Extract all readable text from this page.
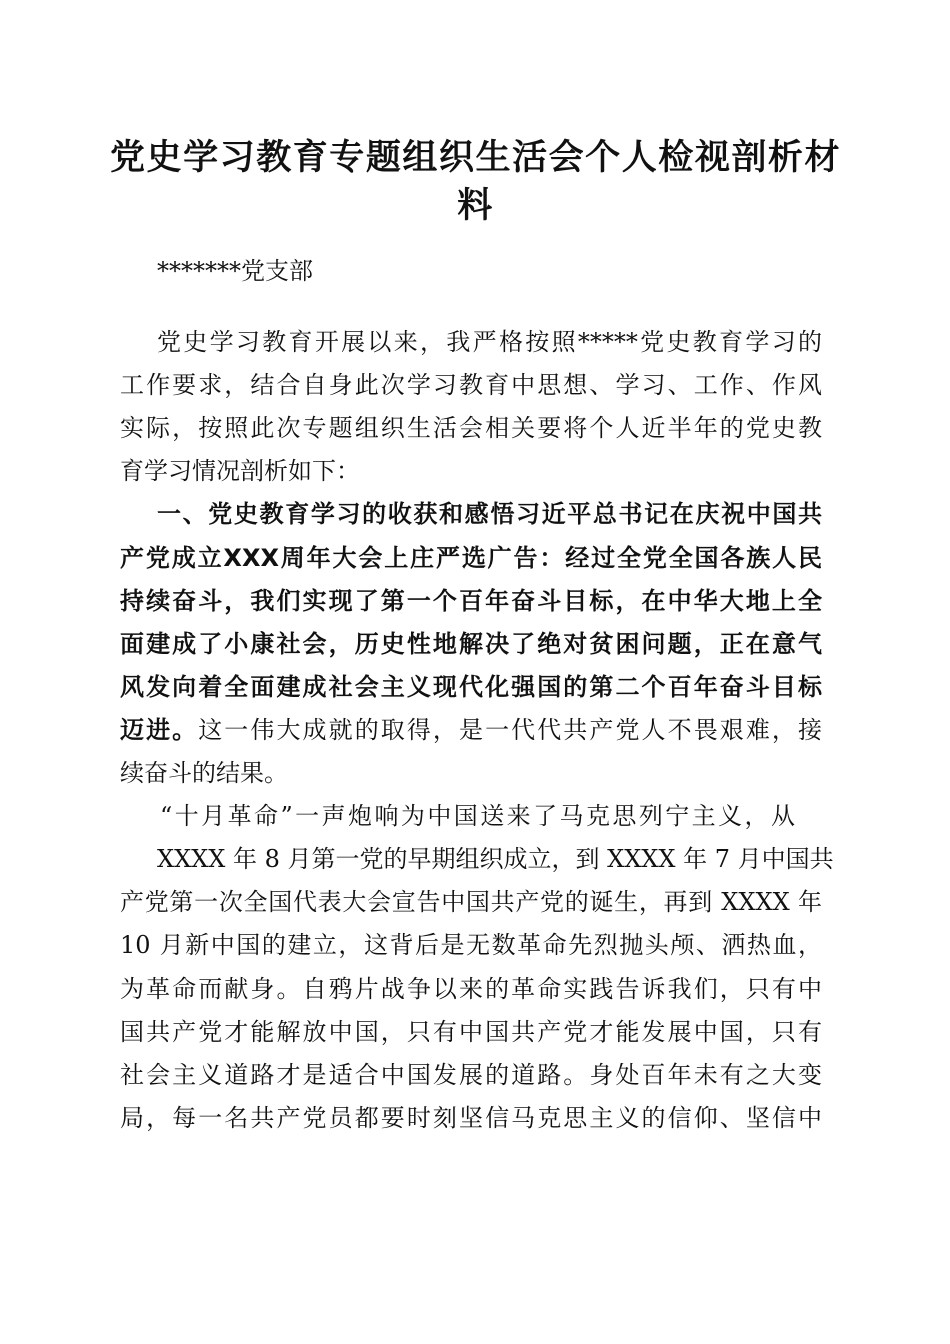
党史学习教育专题组织生活会个人检视剖析材
料
*******党支部
党史学习教育开展以来，我严格按照*****党史教育学习的
工作要求，结合自身此次学习教育中思想、学习、工作、作风
实际，按照此次专题组织生活会相关要将个人近半年的党史教
育学习情况剖析如下：
一、党史教育学习的收获和感悟习近平总书记在庆祝中国共
产党成立XXX周年大会上庄严选广告：经过全党全国各族人民
持续奋斗，我们实现了第一个百年奋斗目标，在中华大地上全
面建成了小康社会，历史性地解决了绝对贫困问题，正在意气
风发向着全面建成社会主义现代化强国的第二个百年奋斗目标
迈进。这一伟大成就的取得，是一代代共产党人不畏艰难，接
续奋斗的结果。
“十月革命”一声炮响为中国送来了马克思列宁主义，从
XXXX 年 8 月第一党的早期组织成立，到 XXXX 年 7 月中国共
产党第一次全国代表大会宣告中国共产党的诞生，再到 XXXX 年
10 月新中国的建立，这背后是无数革命先烈抛头颅、洒热血，
为革命而献身。自鸦片战争以来的革命实践告诉我们，只有中
国共产党才能解放中国，只有中国共产党才能发展中国，只有
社会主义道路才是适合中国发展的道路。身处百年未有之大变
局，每一名共产党员都要时刻坚信马克思主义的信仰、坚信中
